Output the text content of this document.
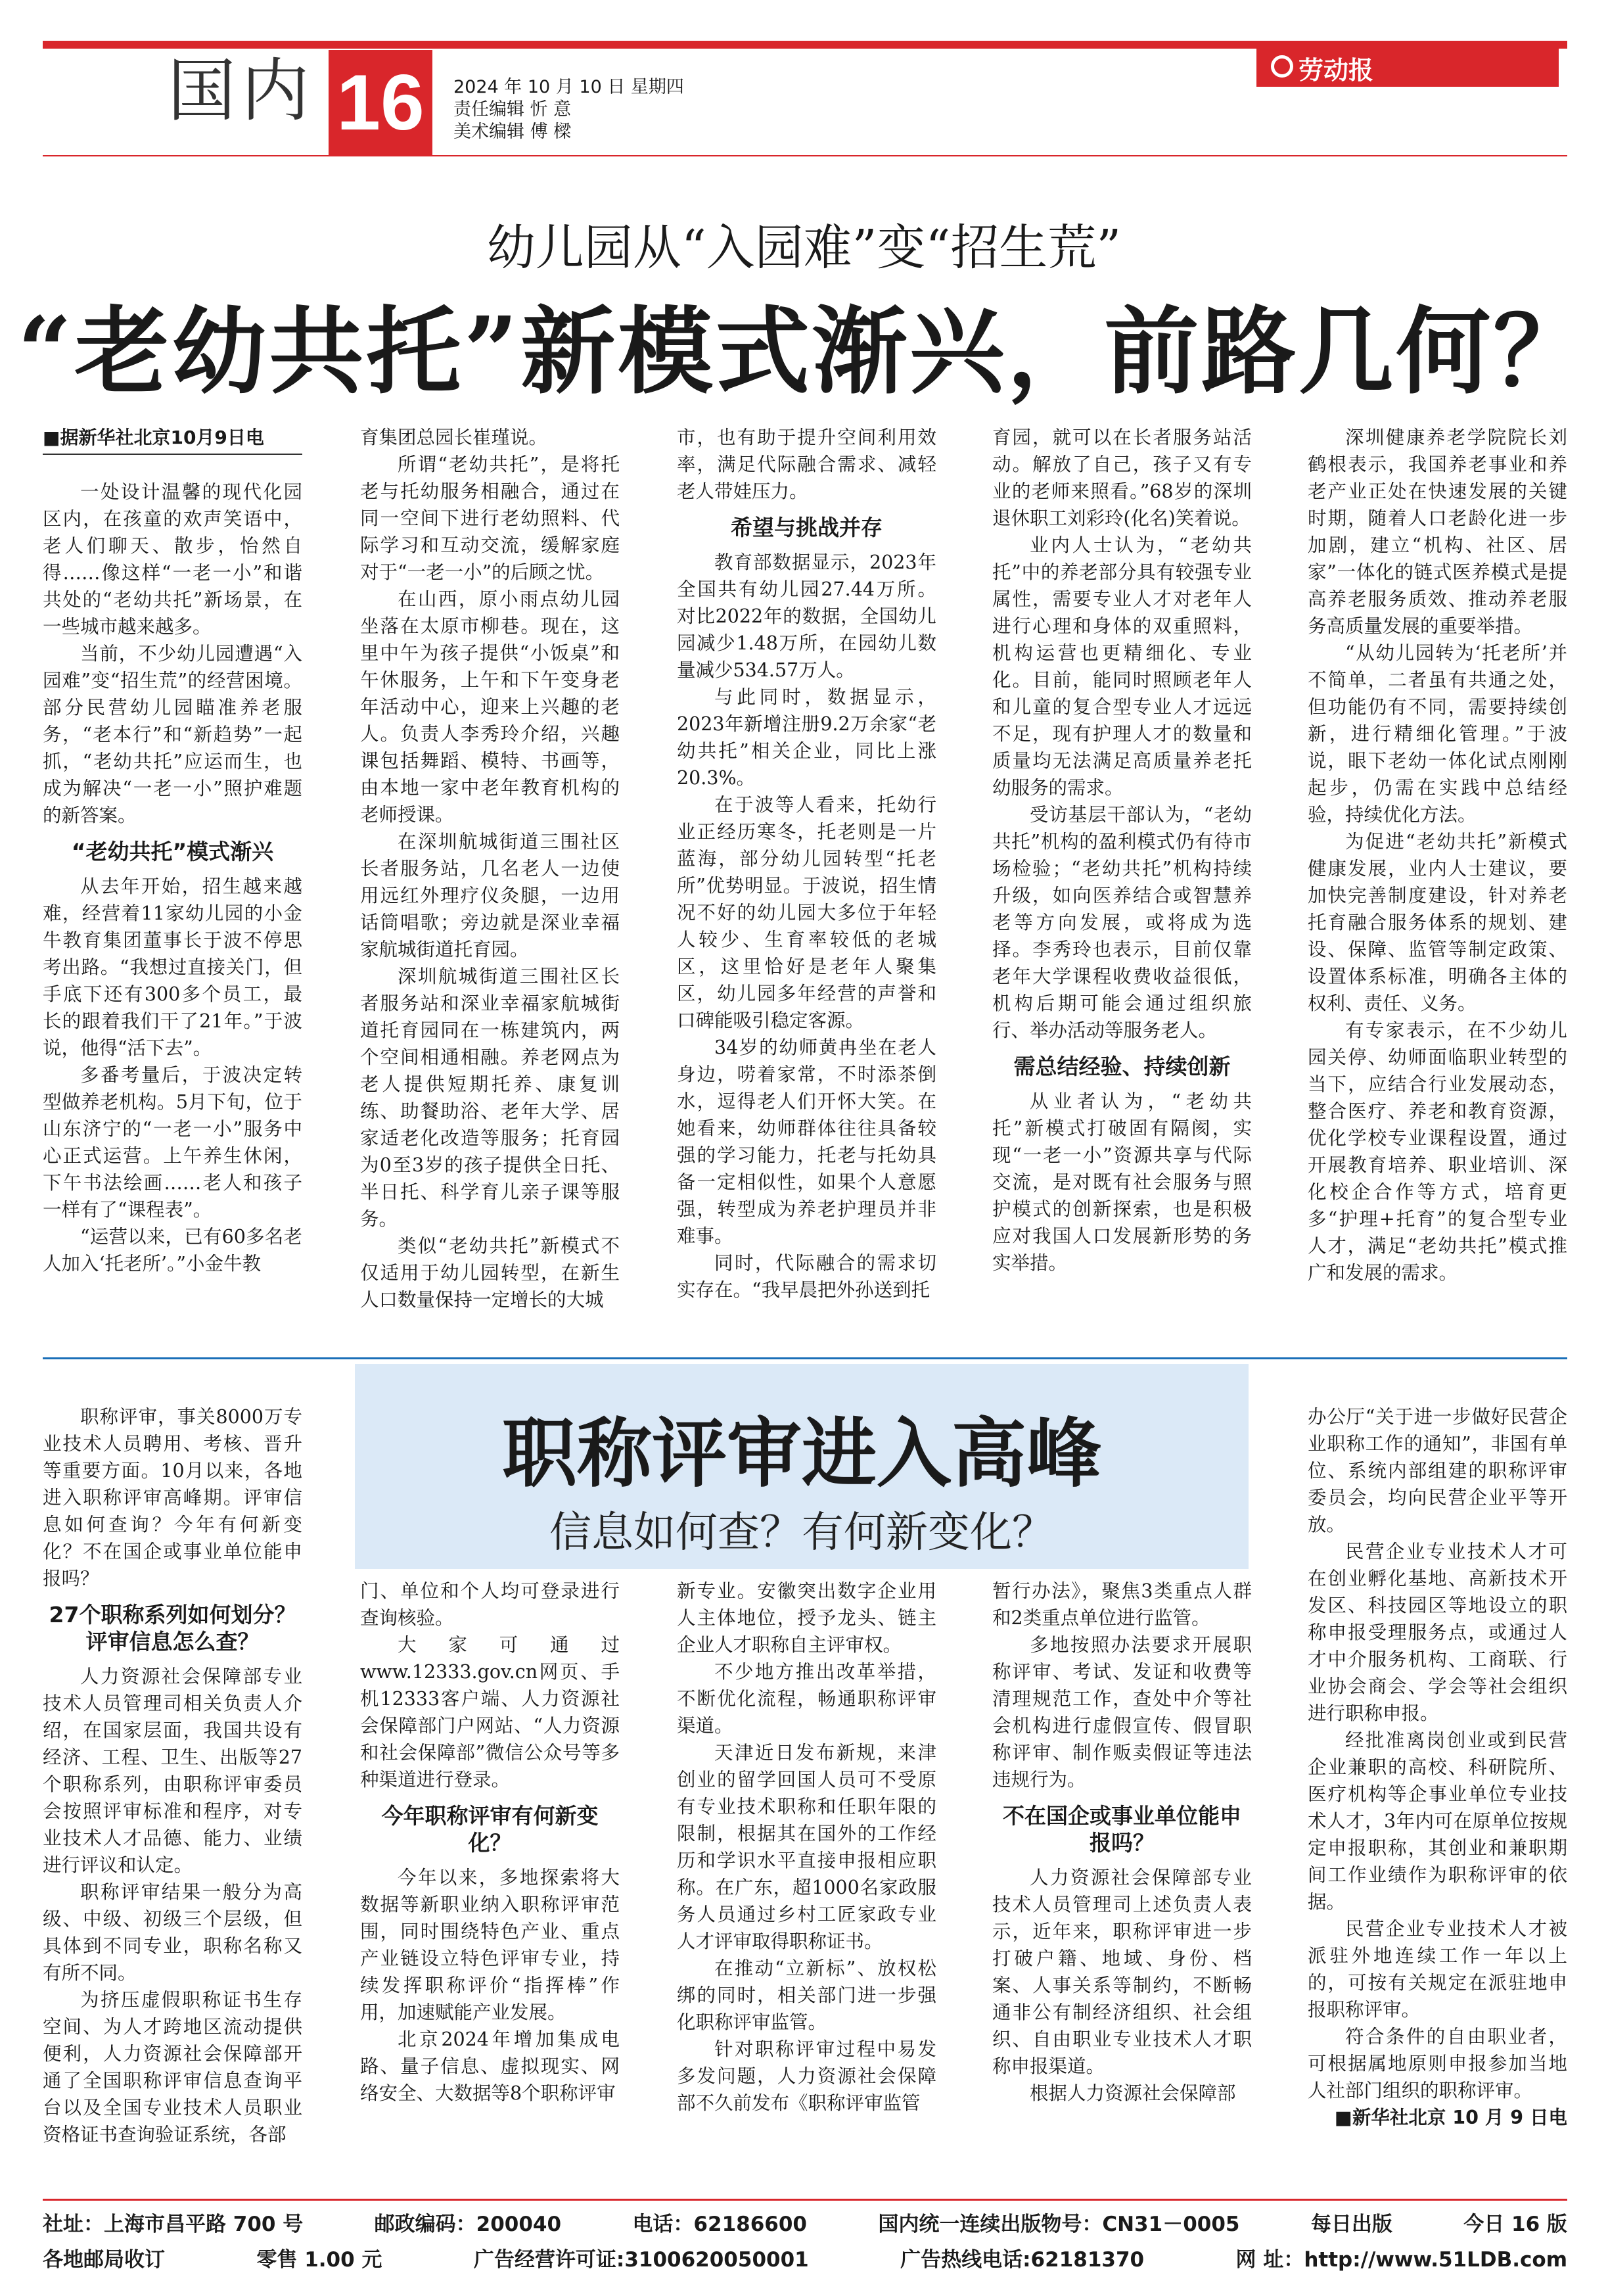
国内 16	2024 年 10 月 10 日 星期四
责任编辑 忻 意
美术编辑 傅 樑
劳动报
幼儿园从“入园难”变“招生荒”
“老幼共托”新模式渐兴，前路几何？

■据新华社北京10月9日电

一处设计温馨的现代化园区内，在孩童的欢声笑语中，老人们聊天、散步，怡然自得……像这样“一老一小”和谐共处的“老幼共托”新场景，在一些城市越来越多。

当前，不少幼儿园遭遇“入园难”变“招生荒”的经营困境。部分民营幼儿园瞄准养老服务，“老本行”和“新趋势”一起抓，“老幼共托”应运而生，也成为解决“一老一小”照护难题的新答案。

“老幼共托”模式渐兴

从去年开始，招生越来越难，经营着11家幼儿园的小金牛教育集团董事长于波不停思考出路。“我想过直接关门，但手底下还有300多个员工，最长的跟着我们干了21年。”于波说，他得“活下去”。

多番考量后，于波决定转型做养老机构。5月下旬，位于山东济宁的“一老一小”服务中心正式运营。上午养生休闲，下午书法绘画……老人和孩子一样有了“课程表”。

“运营以来，已有60多名老人加入‘托老所’。”小金牛教

育集团总园长崔瑾说。

所谓“老幼共托”，是将托老与托幼服务相融合，通过在同一空间下进行老幼照料、代际学习和互动交流，缓解家庭对于“一老一小”的后顾之忧。

在山西，原小雨点幼儿园坐落在太原市柳巷。现在，这里中午为孩子提供“小饭桌”和午休服务，上午和下午变身老年活动中心，迎来上兴趣的老人。负责人李秀玲介绍，兴趣课包括舞蹈、模特、书画等，由本地一家中老年教育机构的老师授课。

在深圳航城街道三围社区长者服务站，几名老人一边使用远红外理疗仪灸腿，一边用话筒唱歌；旁边就是深业幸福家航城街道托育园。

深圳航城街道三围社区长者服务站和深业幸福家航城街道托育园同在一栋建筑内，两个空间相通相融。养老网点为老人提供短期托养、康复训练、助餐助浴、老年大学、居家适老化改造等服务；托育园为0至3岁的孩子提供全日托、半日托、科学育儿亲子课等服务。

类似“老幼共托”新模式不仅适用于幼儿园转型，在新生人口数量保持一定增长的大城

市，也有助于提升空间利用效率，满足代际融合需求、减轻老人带娃压力。

希望与挑战并存

教育部数据显示，2023年全国共有幼儿园27.44万所。对比2022年的数据，全国幼儿园减少1.48万所，在园幼儿数量减少534.57万人。

与此同时，数据显示，2023年新增注册9.2万余家“老幼共托”相关企业，同比上涨20.3%。

在于波等人看来，托幼行业正经历寒冬，托老则是一片蓝海，部分幼儿园转型“托老所”优势明显。于波说，招生情况不好的幼儿园大多位于年轻人较少、生育率较低的老城区，这里恰好是老年人聚集区，幼儿园多年经营的声誉和口碑能吸引稳定客源。

34岁的幼师黄冉坐在老人身边，唠着家常，不时添茶倒水，逗得老人们开怀大笑。在她看来，幼师群体往往具备较强的学习能力，托老与托幼具备一定相似性，如果个人意愿强，转型成为养老护理员并非难事。

同时，代际融合的需求切实存在。“我早晨把外孙送到托

育园，就可以在长者服务站活动。解放了自己，孩子又有专业的老师来照看。”68岁的深圳退休职工刘彩玲(化名)笑着说。

业内人士认为，“老幼共托”中的养老部分具有较强专业属性，需要专业人才对老年人进行心理和身体的双重照料，机构运营也更精细化、专业化。目前，能同时照顾老年人和儿童的复合型专业人才远远不足，现有护理人才的数量和质量均无法满足高质量养老托幼服务的需求。

受访基层干部认为，“老幼共托”机构的盈利模式仍有待市场检验；“老幼共托”机构持续升级，如向医养结合或智慧养老等方向发展，或将成为选择。李秀玲也表示，目前仅靠老年大学课程收费收益很低，机构后期可能会通过组织旅行、举办活动等服务老人。

需总结经验、持续创新

从业者认为，“老幼共托”新模式打破固有隔阂，实现“一老一小”资源共享与代际交流，是对既有社会服务与照护模式的创新探索，也是积极应对我国人口发展新形势的务实举措。

深圳健康养老学院院长刘鹤根表示，我国养老事业和养老产业正处在快速发展的关键时期，随着人口老龄化进一步加剧，建立“机构、社区、居家”一体化的链式医养模式是提高养老服务质效、推动养老服务高质量发展的重要举措。

“从幼儿园转为‘托老所’并不简单，二者虽有共通之处，但功能仍有不同，需要持续创新，进行精细化管理。”于波说，眼下老幼一体化试点刚刚起步，仍需在实践中总结经验，持续优化方法。

为促进“老幼共托”新模式健康发展，业内人士建议，要加快完善制度建设，针对养老托育融合服务体系的规划、建设、保障、监管等制定政策、设置体系标准，明确各主体的权利、责任、义务。

有专家表示，在不少幼儿园关停、幼师面临职业转型的当下，应结合行业发展动态，整合医疗、养老和教育资源，优化学校专业课程设置，通过开展教育培养、职业培训、深化校企合作等方式，培育更多“护理+托育”的复合型专业人才，满足“老幼共托”模式推广和发展的需求。

职称评审进入高峰
信息如何查？有何新变化？

职称评审，事关8000万专业技术人员聘用、考核、晋升等重要方面。10月以来，各地进入职称评审高峰期。评审信息如何查询？今年有何新变化？不在国企或事业单位能申报吗？

27个职称系列如何划分？评审信息怎么查？

人力资源社会保障部专业技术人员管理司相关负责人介绍，在国家层面，我国共设有经济、工程、卫生、出版等27个职称系列，由职称评审委员会按照评审标准和程序，对专业技术人才品德、能力、业绩进行评议和认定。

职称评审结果一般分为高级、中级、初级三个层级，但具体到不同专业，职称名称又有所不同。

为挤压虚假职称证书生存空间、为人才跨地区流动提供便利，人力资源社会保障部开通了全国职称评审信息查询平台以及全国专业技术人员职业资格证书查询验证系统，各部

门、单位和个人均可登录进行查询核验。

大家可通过www.12333.gov.cn网页、手机12333客户端、人力资源社会保障部门户网站、“人力资源和社会保障部”微信公众号等多种渠道进行登录。

今年职称评审有何新变化？

今年以来，多地探索将大数据等新职业纳入职称评审范围，同时围绕特色产业、重点产业链设立特色评审专业，持续发挥职称评价“指挥棒”作用，加速赋能产业发展。

北京2024年增加集成电路、量子信息、虚拟现实、网络安全、大数据等8个职称评审

新专业。安徽突出数字企业用人主体地位，授予龙头、链主企业人才职称自主评审权。

不少地方推出改革举措，不断优化流程，畅通职称评审渠道。

天津近日发布新规，来津创业的留学回国人员可不受原有专业技术职称和任职年限的限制，根据其在国外的工作经历和学识水平直接申报相应职称。在广东，超1000名家政服务人员通过乡村工匠家政专业人才评审取得职称证书。

在推动“立新标”、放权松绑的同时，相关部门进一步强化职称评审监管。

针对职称评审过程中易发多发问题，人力资源社会保障部不久前发布《职称评审监管

暂行办法》，聚焦3类重点人群和2类重点单位进行监管。

多地按照办法要求开展职称评审、考试、发证和收费等清理规范工作，查处中介等社会机构进行虚假宣传、假冒职称评审、制作贩卖假证等违法违规行为。

不在国企或事业单位能申报吗？

人力资源社会保障部专业技术人员管理司上述负责人表示，近年来，职称评审进一步打破户籍、地域、身份、档案、人事关系等制约，不断畅通非公有制经济组织、社会组织、自由职业专业技术人才职称申报渠道。

根据人力资源社会保障部

办公厅“关于进一步做好民营企业职称工作的通知”，非国有单位、系统内部组建的职称评审委员会，均向民营企业平等开放。

民营企业专业技术人才可在创业孵化基地、高新技术开发区、科技园区等地设立的职称申报受理服务点，或通过人才中介服务机构、工商联、行业协会商会、学会等社会组织进行职称申报。

经批准离岗创业或到民营企业兼职的高校、科研院所、医疗机构等企事业单位专业技术人才，3年内可在原单位按规定申报职称，其创业和兼职期间工作业绩作为职称评审的依据。

民营企业专业技术人才被派驻外地连续工作一年以上的，可按有关规定在派驻地申报职称评审。

符合条件的自由职业者，可根据属地原则申报参加当地人社部门组织的职称评审。

■新华社北京 10 月 9 日电

社址：上海市昌平路 700 号	邮政编码：200040	电话：62186600	国内统一连续出版物号：CN31－0005	每日出版	今日 16 版
各地邮局收订	零售 1.00 元	广告经营许可证:3100620050001	广告热线电话:62181370	网 址：http://www.51LDB.com
